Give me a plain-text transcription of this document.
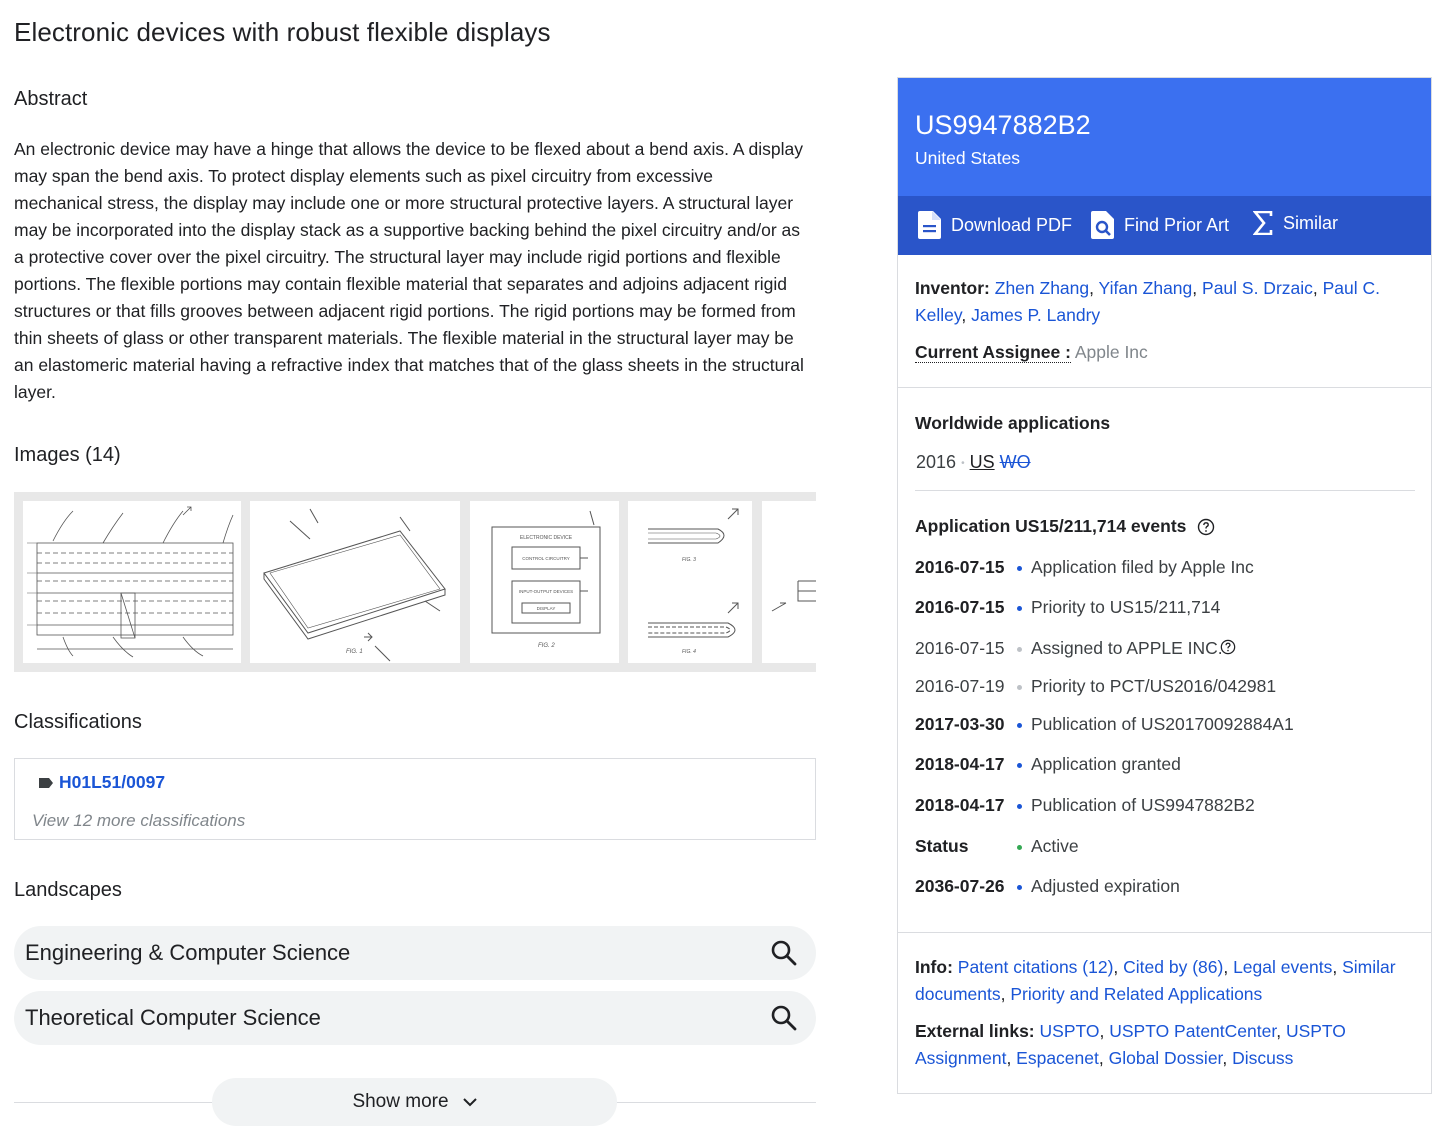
Electronic devices with robust flexible displays
Abstract
An electronic device may have a hinge that allows the device to be flexed about a bend axis. A display may span the bend axis. To protect display elements such as pixel circuitry from excessive mechanical stress, the display may include one or more structural protective layers. A structural layer may be incorporated into the display stack as a supportive backing behind the pixel circuitry and/or as a protective cover over the pixel circuitry. The structural layer may include rigid portions and flexible portions. The flexible portions may contain flexible material that separates and adjoins adjacent rigid structures or that fills grooves between adjacent rigid portions. The rigid portions may be formed from thin sheets of glass or other transparent materials. The flexible material in the structural layer may be an elastomeric material having a refractive index that matches that of the glass sheets in the structural layer.
Images (14)
FIG. 1
ELECTRONIC DEVICE
CONTROL CIRCUITRY
INPUT-OUTPUT DEVICES
DISPLAY
FIG. 2
FIG. 3
FIG. 4
Classifications
H01L51/0097
View 12 more classifications
Landscapes
Engineering & Computer Science
Theoretical Computer Science
Show more
US9947882B2
United States
Download PDF	Find Prior Art	Similar
Inventor: Zhen Zhang, Yifan Zhang, Paul S. Drzaic, Paul C. Kelley, James P. Landry
Current Assignee : Apple Inc
Worldwide applications
2016 • US WO
Application US15/211,714 events
2016-07-15 Application filed by Apple Inc
2016-07-15 Priority to US15/211,714
2016-07-15 Assigned to APPLE INC.
2016-07-19 Priority to PCT/US2016/042981
2017-03-30 Publication of US20170092884A1
2018-04-17 Application granted
2018-04-17 Publication of US9947882B2
Status	Active
2036-07-26 Adjusted expiration
Info: Patent citations (12), Cited by (86), Legal events, Similar documents, Priority and Related Applications
External links: USPTO, USPTO PatentCenter, USPTO Assignment, Espacenet, Global Dossier, Discuss
